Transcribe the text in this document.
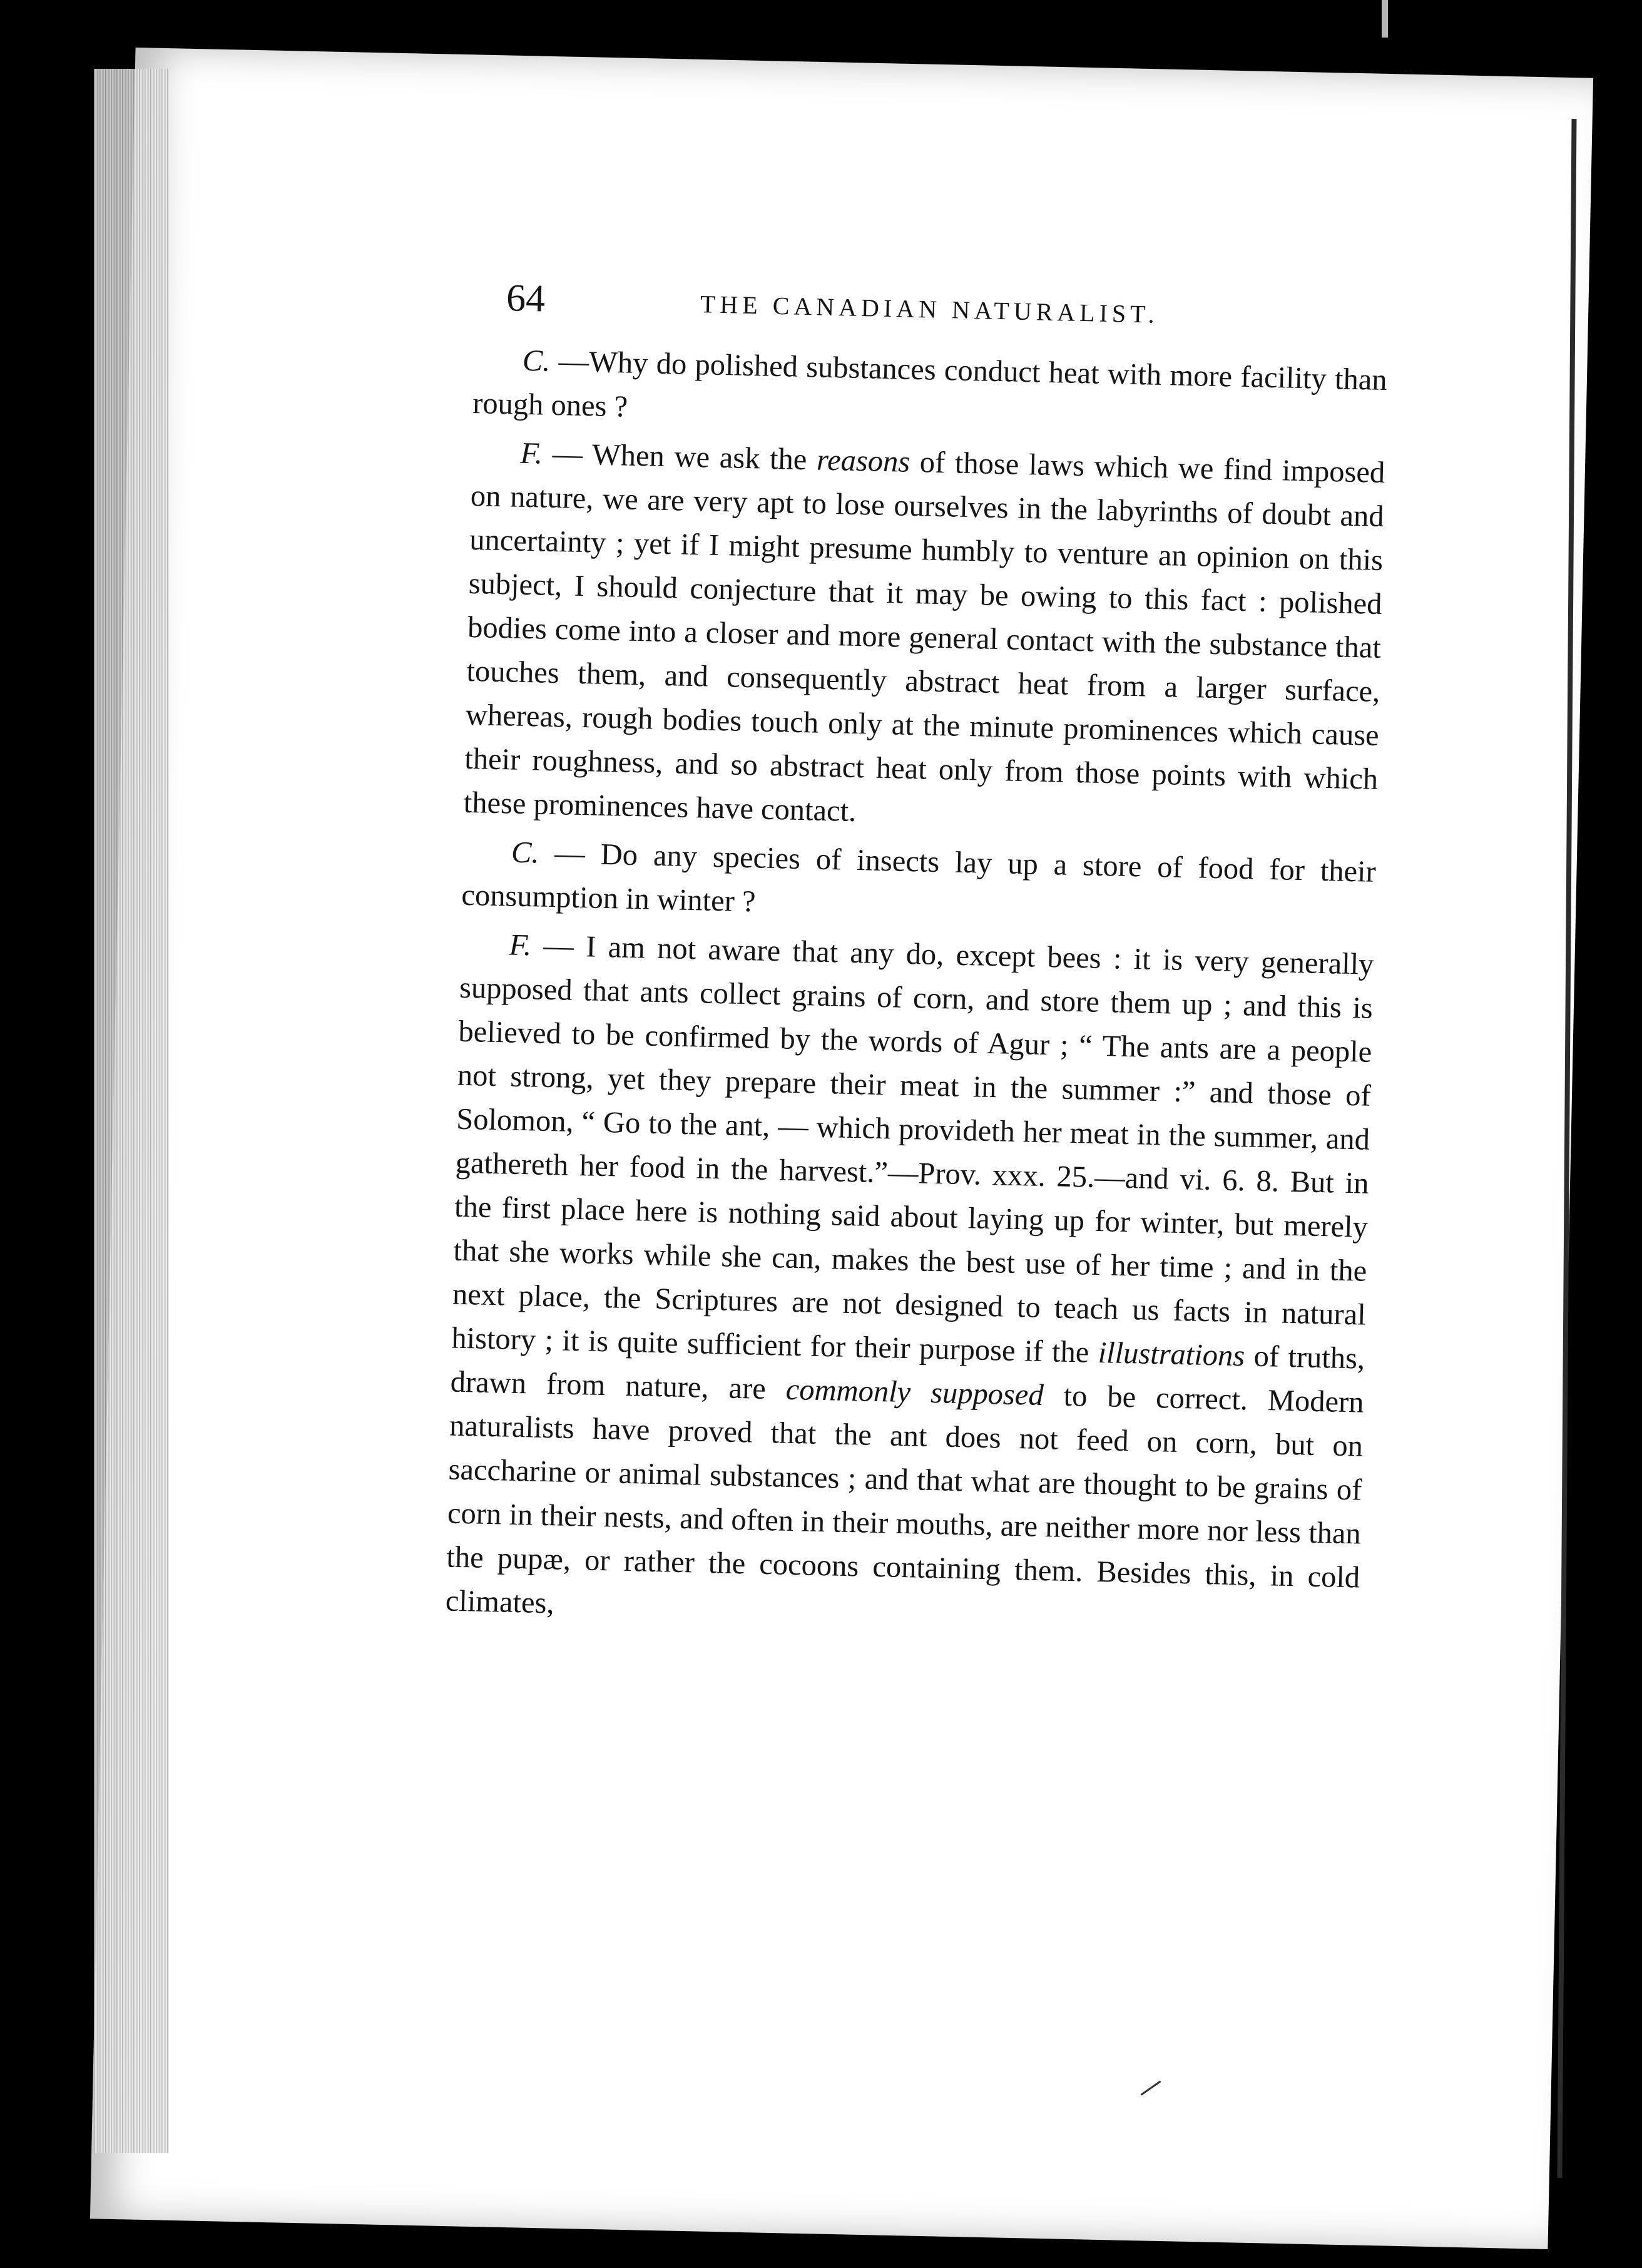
64	THE CANADIAN NATURALIST.

C. —Why do polished substances conduct heat with more facility than rough ones ?

F. — When we ask the reasons of those laws which we find imposed on nature, we are very apt to lose ourselves in the labyrinths of doubt and uncertainty ; yet if I might presume humbly to venture an opinion on this subject, I should conjecture that it may be owing to this fact : polished bodies come into a closer and more general contact with the substance that touches them, and consequently abstract heat from a larger surface, whereas, rough bodies touch only at the minute prominences which cause their roughness, and so abstract heat only from those points with which these prominences have contact.

C. — Do any species of insects lay up a store of food for their consumption in winter ?

F. — I am not aware that any do, except bees : it is very generally supposed that ants collect grains of corn, and store them up ; and this is believed to be confirmed by the words of Agur ; “ The ants are a people not strong, yet they prepare their meat in the summer :” and those of Solomon, “ Go to the ant, — which provideth her meat in the summer, and gathereth her food in the harvest.”—Prov. xxx. 25.—and vi. 6. 8. But in the first place here is nothing said about laying up for winter, but merely that she works while she can, makes the best use of her time ; and in the next place, the Scriptures are not designed to teach us facts in natural history ; it is quite sufficient for their purpose if the illustrations of truths, drawn from nature, are commonly supposed to be correct. Modern naturalists have proved that the ant does not feed on corn, but on saccharine or animal substances ; and that what are thought to be grains of corn in their nests, and often in their mouths, are neither more nor less than the pupæ, or rather the cocoons containing them. Besides this, in cold climates,
